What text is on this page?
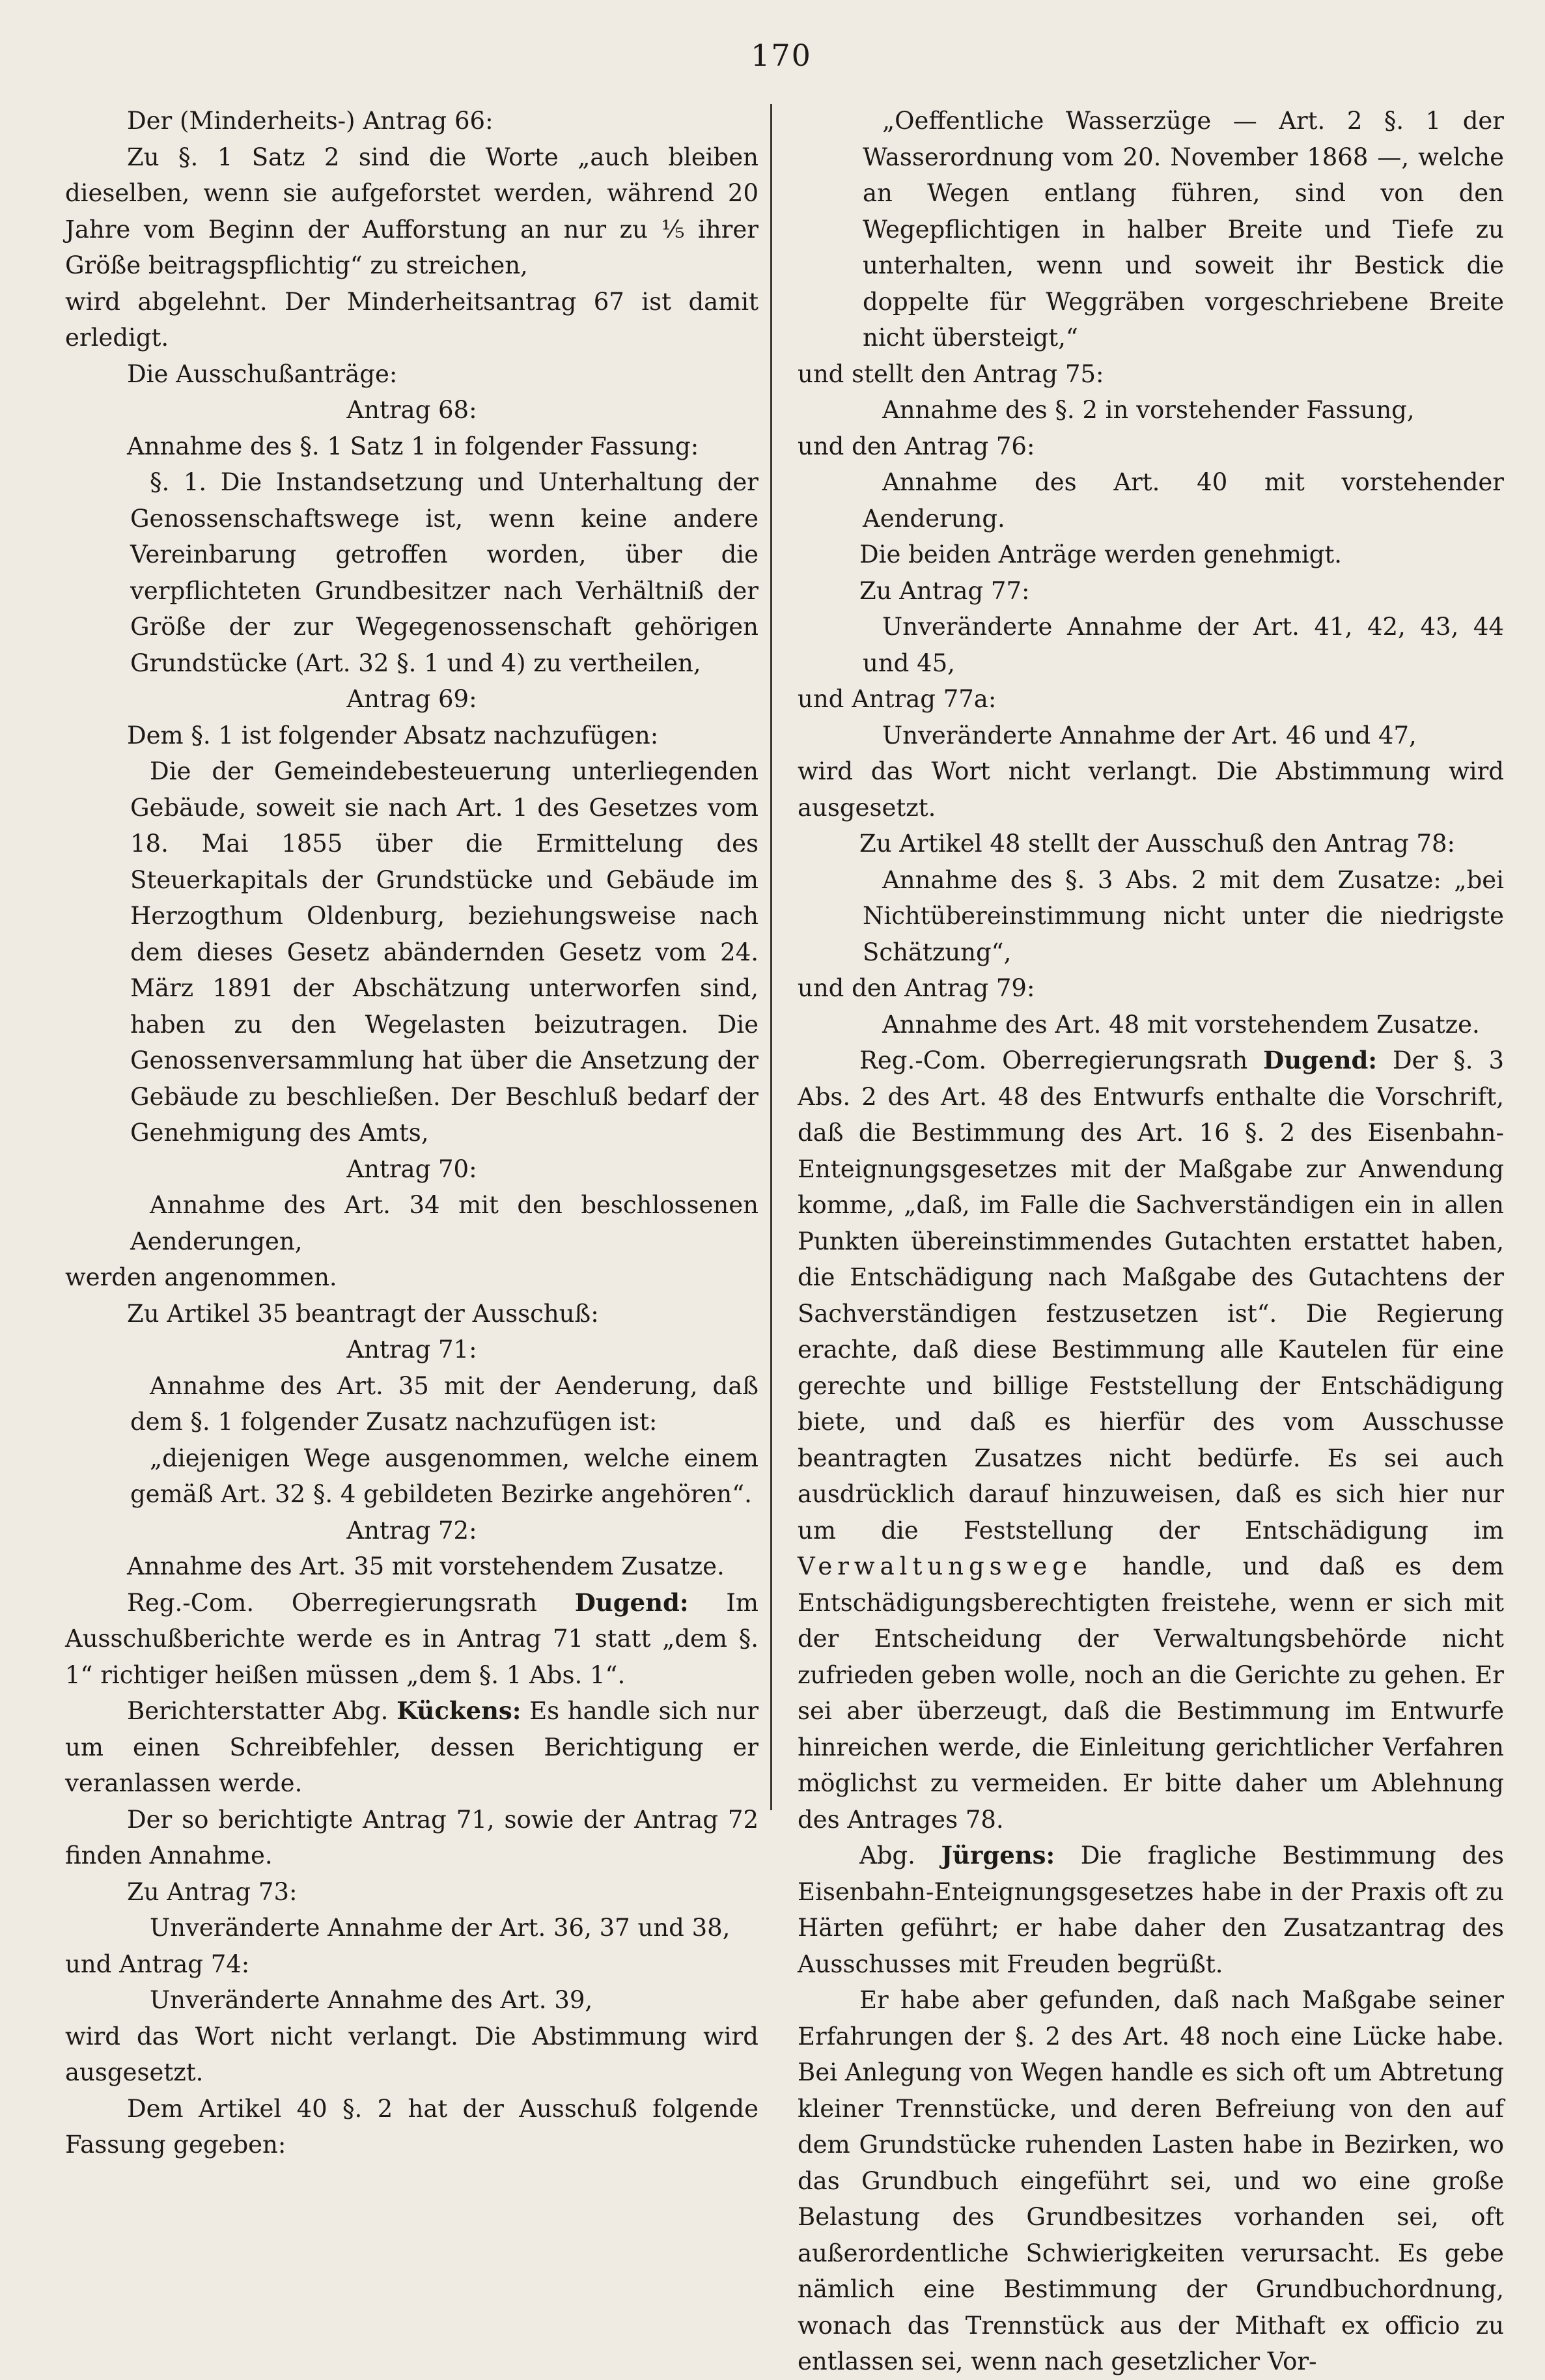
170

Der (Minderheits-) Antrag 66:

Zu §. 1 Satz 2 sind die Worte „auch bleiben dieselben, wenn sie aufgeforstet werden, während 20 Jahre vom Beginn der Aufforstung an nur zu ⅕ ihrer Größe beitragspflichtig“ zu streichen,

wird abgelehnt. Der Minderheitsantrag 67 ist damit erledigt.

Die Ausschußanträge:

Antrag 68:

Annahme des §. 1 Satz 1 in folgender Fassung:

§. 1. Die Instandsetzung und Unterhaltung der Genossenschaftswege ist, wenn keine andere Vereinbarung getroffen worden, über die verpflichteten Grundbesitzer nach Verhältniß der Größe der zur Wegegenossenschaft gehörigen Grundstücke (Art. 32 §. 1 und 4) zu vertheilen,

Antrag 69:

Dem §. 1 ist folgender Absatz nachzufügen:

Die der Gemeindebesteuerung unterliegenden Gebäude, soweit sie nach Art. 1 des Gesetzes vom 18. Mai 1855 über die Ermittelung des Steuerkapitals der Grundstücke und Gebäude im Herzogthum Oldenburg, beziehungsweise nach dem dieses Gesetz abändernden Gesetz vom 24. März 1891 der Abschätzung unterworfen sind, haben zu den Wegelasten beizutragen. Die Genossenversammlung hat über die Ansetzung der Gebäude zu beschließen. Der Beschluß bedarf der Genehmigung des Amts,

Antrag 70:

Annahme des Art. 34 mit den beschlossenen Aenderungen,

werden angenommen.

Zu Artikel 35 beantragt der Ausschuß:

Antrag 71:

Annahme des Art. 35 mit der Aenderung, daß dem §. 1 folgender Zusatz nachzufügen ist:

„diejenigen Wege ausgenommen, welche einem gemäß Art. 32 §. 4 gebildeten Bezirke angehören“.

Antrag 72:

Annahme des Art. 35 mit vorstehendem Zusatze.

Reg.-Com. Oberregierungsrath Dugend: Im Ausschußberichte werde es in Antrag 71 statt „dem §. 1“ richtiger heißen müssen „dem §. 1 Abs. 1“.

Berichterstatter Abg. Kückens: Es handle sich nur um einen Schreibfehler, dessen Berichtigung er veranlassen werde.

Der so berichtigte Antrag 71, sowie der Antrag 72 finden Annahme.

Zu Antrag 73:

Unveränderte Annahme der Art. 36, 37 und 38,

und Antrag 74:

Unveränderte Annahme des Art. 39,

wird das Wort nicht verlangt. Die Abstimmung wird ausgesetzt.

Dem Artikel 40 §. 2 hat der Ausschuß folgende Fassung gegeben:

„Oeffentliche Wasserzüge — Art. 2 §. 1 der Wasserordnung vom 20. November 1868 —, welche an Wegen entlang führen, sind von den Wegepflichtigen in halber Breite und Tiefe zu unterhalten, wenn und soweit ihr Bestick die doppelte für Weggräben vorgeschriebene Breite nicht übersteigt,“

und stellt den Antrag 75:

Annahme des §. 2 in vorstehender Fassung,

und den Antrag 76:

Annahme des Art. 40 mit vorstehender Aenderung.

Die beiden Anträge werden genehmigt.

Zu Antrag 77:

Unveränderte Annahme der Art. 41, 42, 43, 44 und 45,

und Antrag 77a:

Unveränderte Annahme der Art. 46 und 47,

wird das Wort nicht verlangt. Die Abstimmung wird ausgesetzt.

Zu Artikel 48 stellt der Ausschuß den Antrag 78:

Annahme des §. 3 Abs. 2 mit dem Zusatze: „bei Nichtübereinstimmung nicht unter die niedrigste Schätzung“,

und den Antrag 79:

Annahme des Art. 48 mit vorstehendem Zusatze.

Reg.-Com. Oberregierungsrath Dugend: Der §. 3 Abs. 2 des Art. 48 des Entwurfs enthalte die Vorschrift, daß die Bestimmung des Art. 16 §. 2 des Eisenbahn-Enteignungsgesetzes mit der Maßgabe zur Anwendung komme, „daß, im Falle die Sachverständigen ein in allen Punkten übereinstimmendes Gutachten erstattet haben, die Entschädigung nach Maßgabe des Gutachtens der Sachverständigen festzusetzen ist“. Die Regierung erachte, daß diese Bestimmung alle Kautelen für eine gerechte und billige Feststellung der Entschädigung biete, und daß es hierfür des vom Ausschusse beantragten Zusatzes nicht bedürfe. Es sei auch ausdrücklich darauf hinzuweisen, daß es sich hier nur um die Feststellung der Entschädigung im Verwaltungswege handle, und daß es dem Entschädigungsberechtigten freistehe, wenn er sich mit der Entscheidung der Verwaltungsbehörde nicht zufrieden geben wolle, noch an die Gerichte zu gehen. Er sei aber überzeugt, daß die Bestimmung im Entwurfe hinreichen werde, die Einleitung gerichtlicher Verfahren möglichst zu vermeiden. Er bitte daher um Ablehnung des Antrages 78.

Abg. Jürgens: Die fragliche Bestimmung des Eisenbahn-Enteignungsgesetzes habe in der Praxis oft zu Härten geführt; er habe daher den Zusatzantrag des Ausschusses mit Freuden begrüßt.

Er habe aber gefunden, daß nach Maßgabe seiner Erfahrungen der §. 2 des Art. 48 noch eine Lücke habe. Bei Anlegung von Wegen handle es sich oft um Abtretung kleiner Trennstücke, und deren Befreiung von den auf dem Grundstücke ruhenden Lasten habe in Bezirken, wo das Grundbuch eingeführt sei, und wo eine große Belastung des Grundbesitzes vorhanden sei, oft außerordentliche Schwierigkeiten verursacht. Es gebe nämlich eine Bestimmung der Grundbuchordnung, wonach das Trennstück aus der Mithaft ex officio zu entlassen sei, wenn nach gesetzlicher Vor-
